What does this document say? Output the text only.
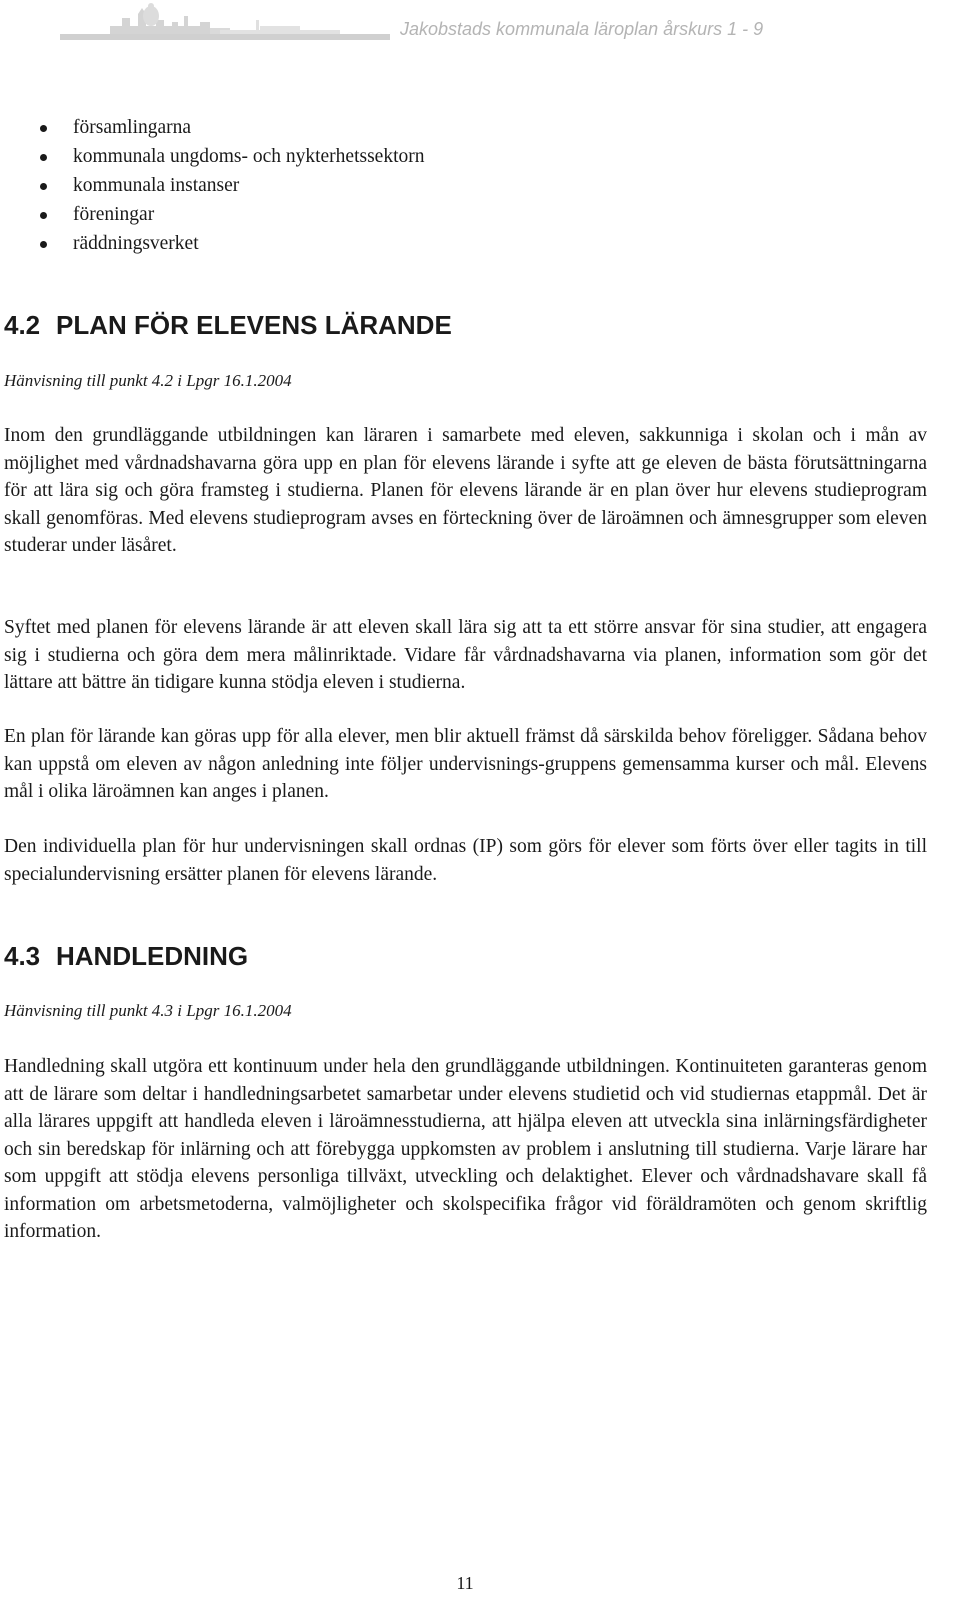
Jakobstads kommunala läroplan årskurs 1 - 9
församlingarna
kommunala ungdoms- och nykterhetssektorn
kommunala instanser
föreningar
räddningsverket
4.2 PLAN FÖR ELEVENS LÄRANDE
Hänvisning till punkt 4.2 i Lpgr 16.1.2004

Inom den grundläggande utbildningen kan läraren i samarbete med eleven, sakkunniga i skolan och i mån av möjlighet med vårdnadshavarna göra upp en plan för elevens lärande i syfte att ge eleven de bästa förutsättningarna för att lära sig och göra framsteg i studierna. Planen för elevens lärande är en plan över hur elevens studieprogram skall genomföras. Med elevens studieprogram avses en förteckning över de läroämnen och ämnesgrupper som eleven studerar under läsåret.

Syftet med planen för elevens lärande är att eleven skall lära sig att ta ett större ansvar för sina studier, att engagera sig i studierna och göra dem mera målinriktade. Vidare får vårdnadshavarna via planen, information som gör det lättare att bättre än tidigare kunna stödja eleven i studierna.

En plan för lärande kan göras upp för alla elever, men blir aktuell främst då särskilda behov föreligger. Sådana behov kan uppstå om eleven av någon anledning inte följer undervisnings-gruppens gemensamma kurser och mål. Elevens mål i olika läroämnen kan anges i planen.

Den individuella plan för hur undervisningen skall ordnas (IP) som görs för elever som förts över eller tagits in till specialundervisning ersätter planen för elevens lärande.

4.3 HANDLEDNING
Hänvisning till punkt 4.3 i Lpgr 16.1.2004

Handledning skall utgöra ett kontinuum under hela den grundläggande utbildningen. Kontinuiteten garanteras genom att de lärare som deltar i handledningsarbetet samarbetar under elevens studietid och vid studiernas etappmål. Det är alla lärares uppgift att handleda eleven i läroämnesstudierna, att hjälpa eleven att utveckla sina inlärningsfärdigheter och sin beredskap för inlärning och att förebygga uppkomsten av problem i anslutning till studierna. Varje lärare har som uppgift att stödja elevens personliga tillväxt, utveckling och delaktighet. Elever och vårdnadshavare skall få information om arbetsmetoderna, valmöjligheter och skolspecifika frågor vid föräldramöten och genom skriftlig information.

11
